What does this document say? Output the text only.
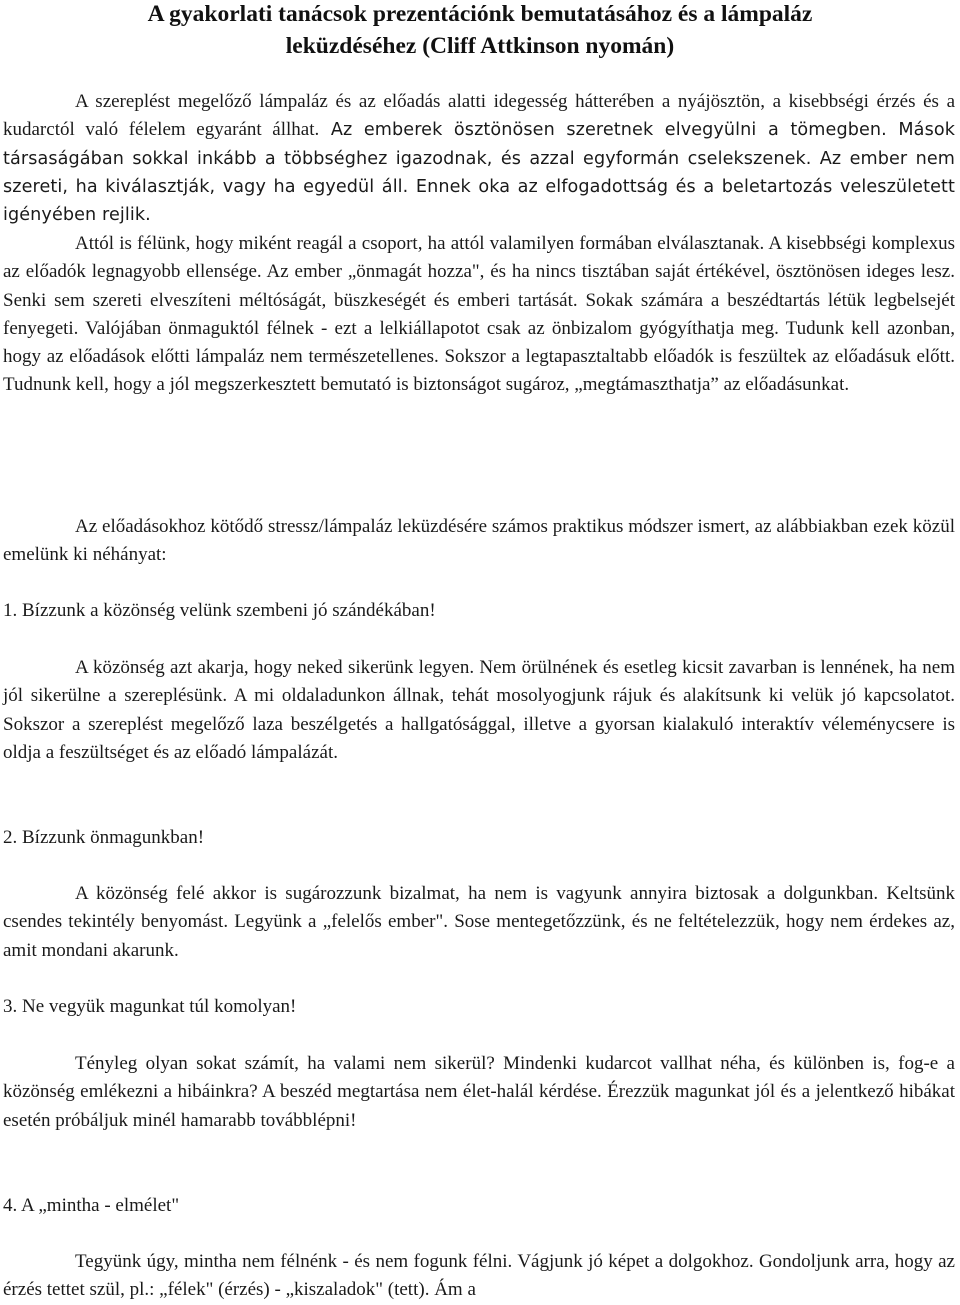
A gyakorlati tanácsok prezentációnk bemutatásához és a lámpaláz
leküzdéséhez (Cliff Attkinson nyomán)

A szereplést megelőző lámpaláz és az előadás alatti idegesség hátterében a nyájösztön, a kisebbségi érzés és a kudarctól való félelem egyaránt állhat. Az emberek ösztönösen szeretnek elvegyülni a tömegben. Mások társaságában sokkal inkább a többséghez igazodnak, és azzal egyformán cselekszenek. Az ember nem szereti, ha kiválasztják, vagy ha egyedül áll. Ennek oka az elfogadottság és a beletartozás veleszületett igényében rejlik.

Attól is félünk, hogy miként reagál a csoport, ha attól valamilyen formában elválasztanak. A kisebbségi komplexus az előadók legnagyobb ellensége. Az ember „önmagát hozza", és ha nincs tisztában saját értékével, ösztönösen ideges lesz. Senki sem szereti elveszíteni méltóságát, büszkeségét és emberi tartását. Sokak számára a beszédtartás létük legbelsejét fenyegeti. Valójában önmaguktól félnek - ezt a lelkiállapotot csak az önbizalom gyógyíthatja meg. Tudunk kell azonban, hogy az előadások előtti lámpaláz nem természetellenes. Sokszor a legtapasztaltabb előadók is feszültek az előadásuk előtt. Tudnunk kell, hogy a jól megszerkesztett bemutató is biztonságot sugároz, „megtámaszthatja” az előadásunkat.

Az előadásokhoz kötődő stressz/lámpaláz leküzdésére számos praktikus módszer ismert, az alábbiakban ezek közül emelünk ki néhányat:

1. Bízzunk a közönség velünk szembeni jó szándékában!

A közönség azt akarja, hogy neked sikerünk legyen. Nem örülnének és esetleg kicsit zavarban is lennének, ha nem jól sikerülne a szereplésünk. A mi oldaladunkon állnak, tehát mosolyogjunk rájuk és alakítsunk ki velük jó kapcsolatot. Sokszor a szereplést megelőző laza beszélgetés a hallgatósággal, illetve a gyorsan kialakuló interaktív véleménycsere is oldja a feszültséget és az előadó lámpalázát.

2. Bízzunk önmagunkban!

A közönség felé akkor is sugározzunk bizalmat, ha nem is vagyunk annyira biztosak a dolgunkban. Keltsünk csendes tekintély benyomást. Legyünk a „felelős ember". Sose mentegetőzzünk, és ne feltételezzük, hogy nem érdekes az, amit mondani akarunk.

3. Ne vegyük magunkat túl komolyan!

Tényleg olyan sokat számít, ha valami nem sikerül? Mindenki kudarcot vallhat néha, és különben is, fog-e a közönség emlékezni a hibáinkra? A beszéd megtartása nem élet-halál kérdése. Érezzük magunkat jól és a jelentkező hibákat esetén próbáljuk minél hamarabb továbblépni!

4. A „mintha - elmélet"

Tegyünk úgy, mintha nem félnénk - és nem fogunk félni. Vágjunk jó képet a dolgokhoz. Gondoljunk arra, hogy az érzés tettet szül, pl.: „félek" (érzés) - „kiszaladok" (tett). Ám a
